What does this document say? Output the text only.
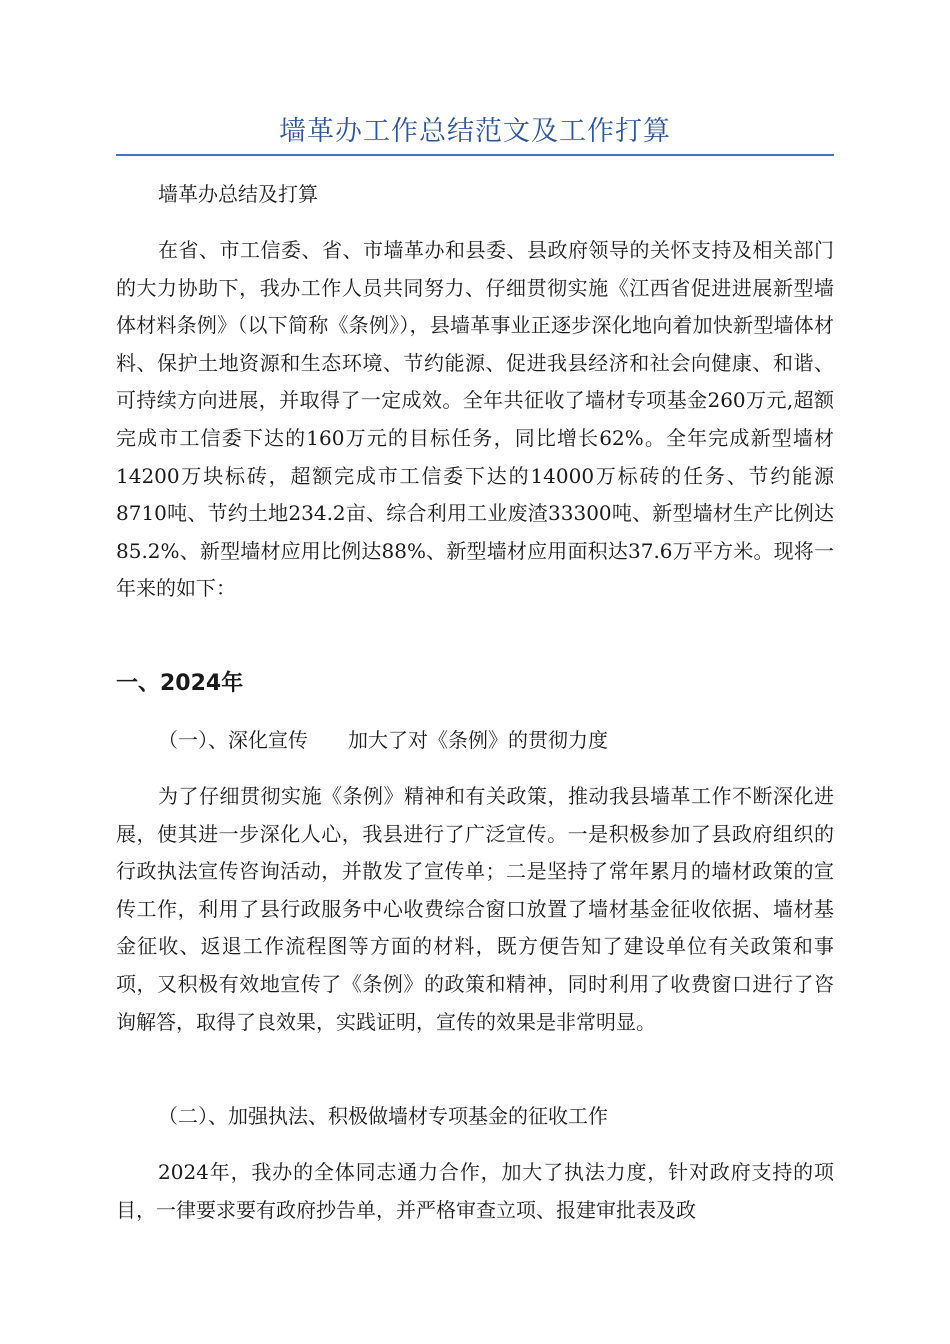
墙革办工作总结范文及工作打算

墙革办总结及打算

在省、市工信委、省、市墙革办和县委、县政府领导的关怀支持及相关部门的大力协助下，我办工作人员共同努力、仔细贯彻实施《江西省促进进展新型墙体材料条例》（以下简称《条例》），县墙革事业正逐步深化地向着加快新型墙体材料、保护土地资源和生态环境、节约能源、促进我县经济和社会向健康、和谐、可持续方向进展，并取得了一定成效。全年共征收了墙材专项基金260万元,超额完成市工信委下达的160万元的目标任务，同比增长62%。全年完成新型墙材14200万块标砖，超额完成市工信委下达的14000万标砖的任务、节约能源8710吨、节约土地234.2亩、综合利用工业废渣33300吨、新型墙材生产比例达85.2%、新型墙材应用比例达88%、新型墙材应用面积达37.6万平方米。现将一年来的如下：

一、2024年

（一）、深化宣传　　加大了对《条例》的贯彻力度

为了仔细贯彻实施《条例》精神和有关政策，推动我县墙革工作不断深化进展，使其进一步深化人心，我县进行了广泛宣传。一是积极参加了县政府组织的行政执法宣传咨询活动，并散发了宣传单；二是坚持了常年累月的墙材政策的宣传工作，利用了县行政服务中心收费综合窗口放置了墙材基金征收依据、墙材基金征收、返退工作流程图等方面的材料，既方便告知了建设单位有关政策和事项，又积极有效地宣传了《条例》的政策和精神，同时利用了收费窗口进行了咨询解答，取得了良效果，实践证明，宣传的效果是非常明显。

（二）、加强执法、积极做墙材专项基金的征收工作

2024年，我办的全体同志通力合作，加大了执法力度，针对政府支持的项目，一律要求要有政府抄告单，并严格审查立项、报建审批表及政
